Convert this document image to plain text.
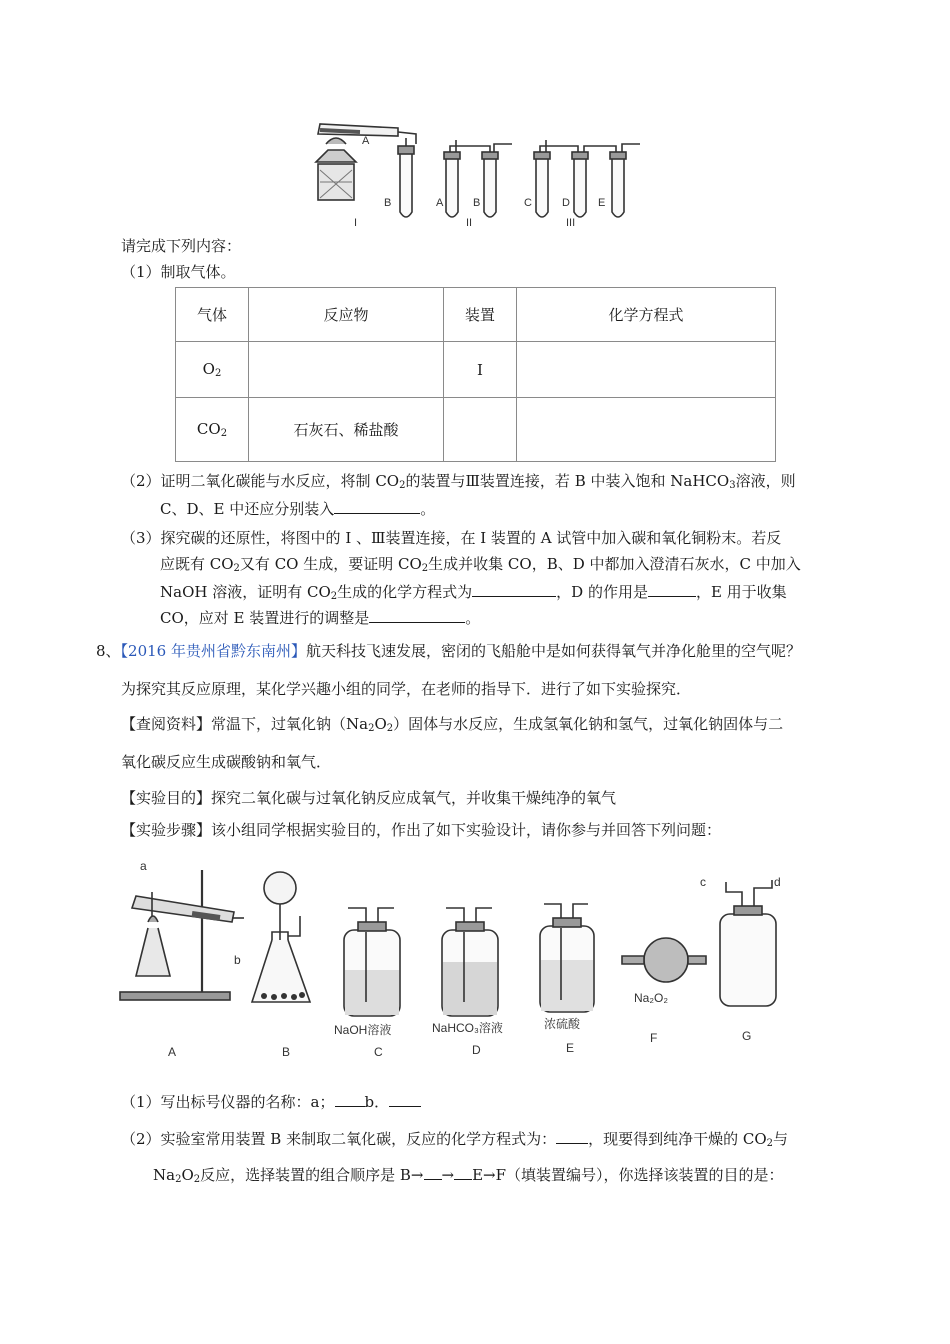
A
B
I
A	B
II
C	D	E
III
请完成下列内容：
（1）制取气体。
气体	反应物	装置	化学方程式
$O_2$		Ⅰ	
$CO_2$	石灰石、稀盐酸		
（2）证明二氧化碳能与水反应，将制 $CO_2$的装置与Ⅲ装置连接，若 B 中装入饱和 NaHCO$_3$溶液，则
C、D、E 中还应分别装入	。
（3）探究碳的还原性，将图中的 Ⅰ 、Ⅲ装置连接，在 Ⅰ 装置的 A 试管中加入碳和氧化铜粉末。若反
应既有 $CO_2$又有 CO 生成，要证明 $CO_2$生成并收集 CO，B、D 中都加入澄清石灰水，C 中加入
NaOH 溶液，证明有 $CO_2$生成的化学方程式为	，D 的作用是	，E 用于收集
CO，应对 E 装置进行的调整是	。
8、【2016 年贵州省黔东南州】航天科技飞速发展，密闭的飞船舱中是如何获得氧气并净化舱里的空气呢？
为探究其反应原理，某化学兴趣小组的同学，在老师的指导下．进行了如下实验探究．
【查阅资料】常温下，过氧化钠$(Na_2O_2)$固体与水反应，生成氢氧化钠和氢气，过氧化钠固体与二
氧化碳反应生成碳酸钠和氧气．
【实验目的】探究二氧化碳与过氧化钠反应成氧气，并收集干燥纯净的氧气
【实验步骤】该小组同学根据实验目的，作出了如下实验设计，请你参与并回答下列问题：
a
b
c	d
NaOH溶液	NaHCO₃溶液	浓硫酸
Na₂O₂
A	B	C	D	E
F	G
（1）写出标号仪器的名称：a； b．
（2）实验室常用装置 B 来制取二氧化碳，反应的化学方程式为： ，现要得到纯净干燥的 $CO_2$与
$Na_2O_2$反应，选择装置的组合顺序是 B→ → E→F（填装置编号），你选择该装置的目的是：
